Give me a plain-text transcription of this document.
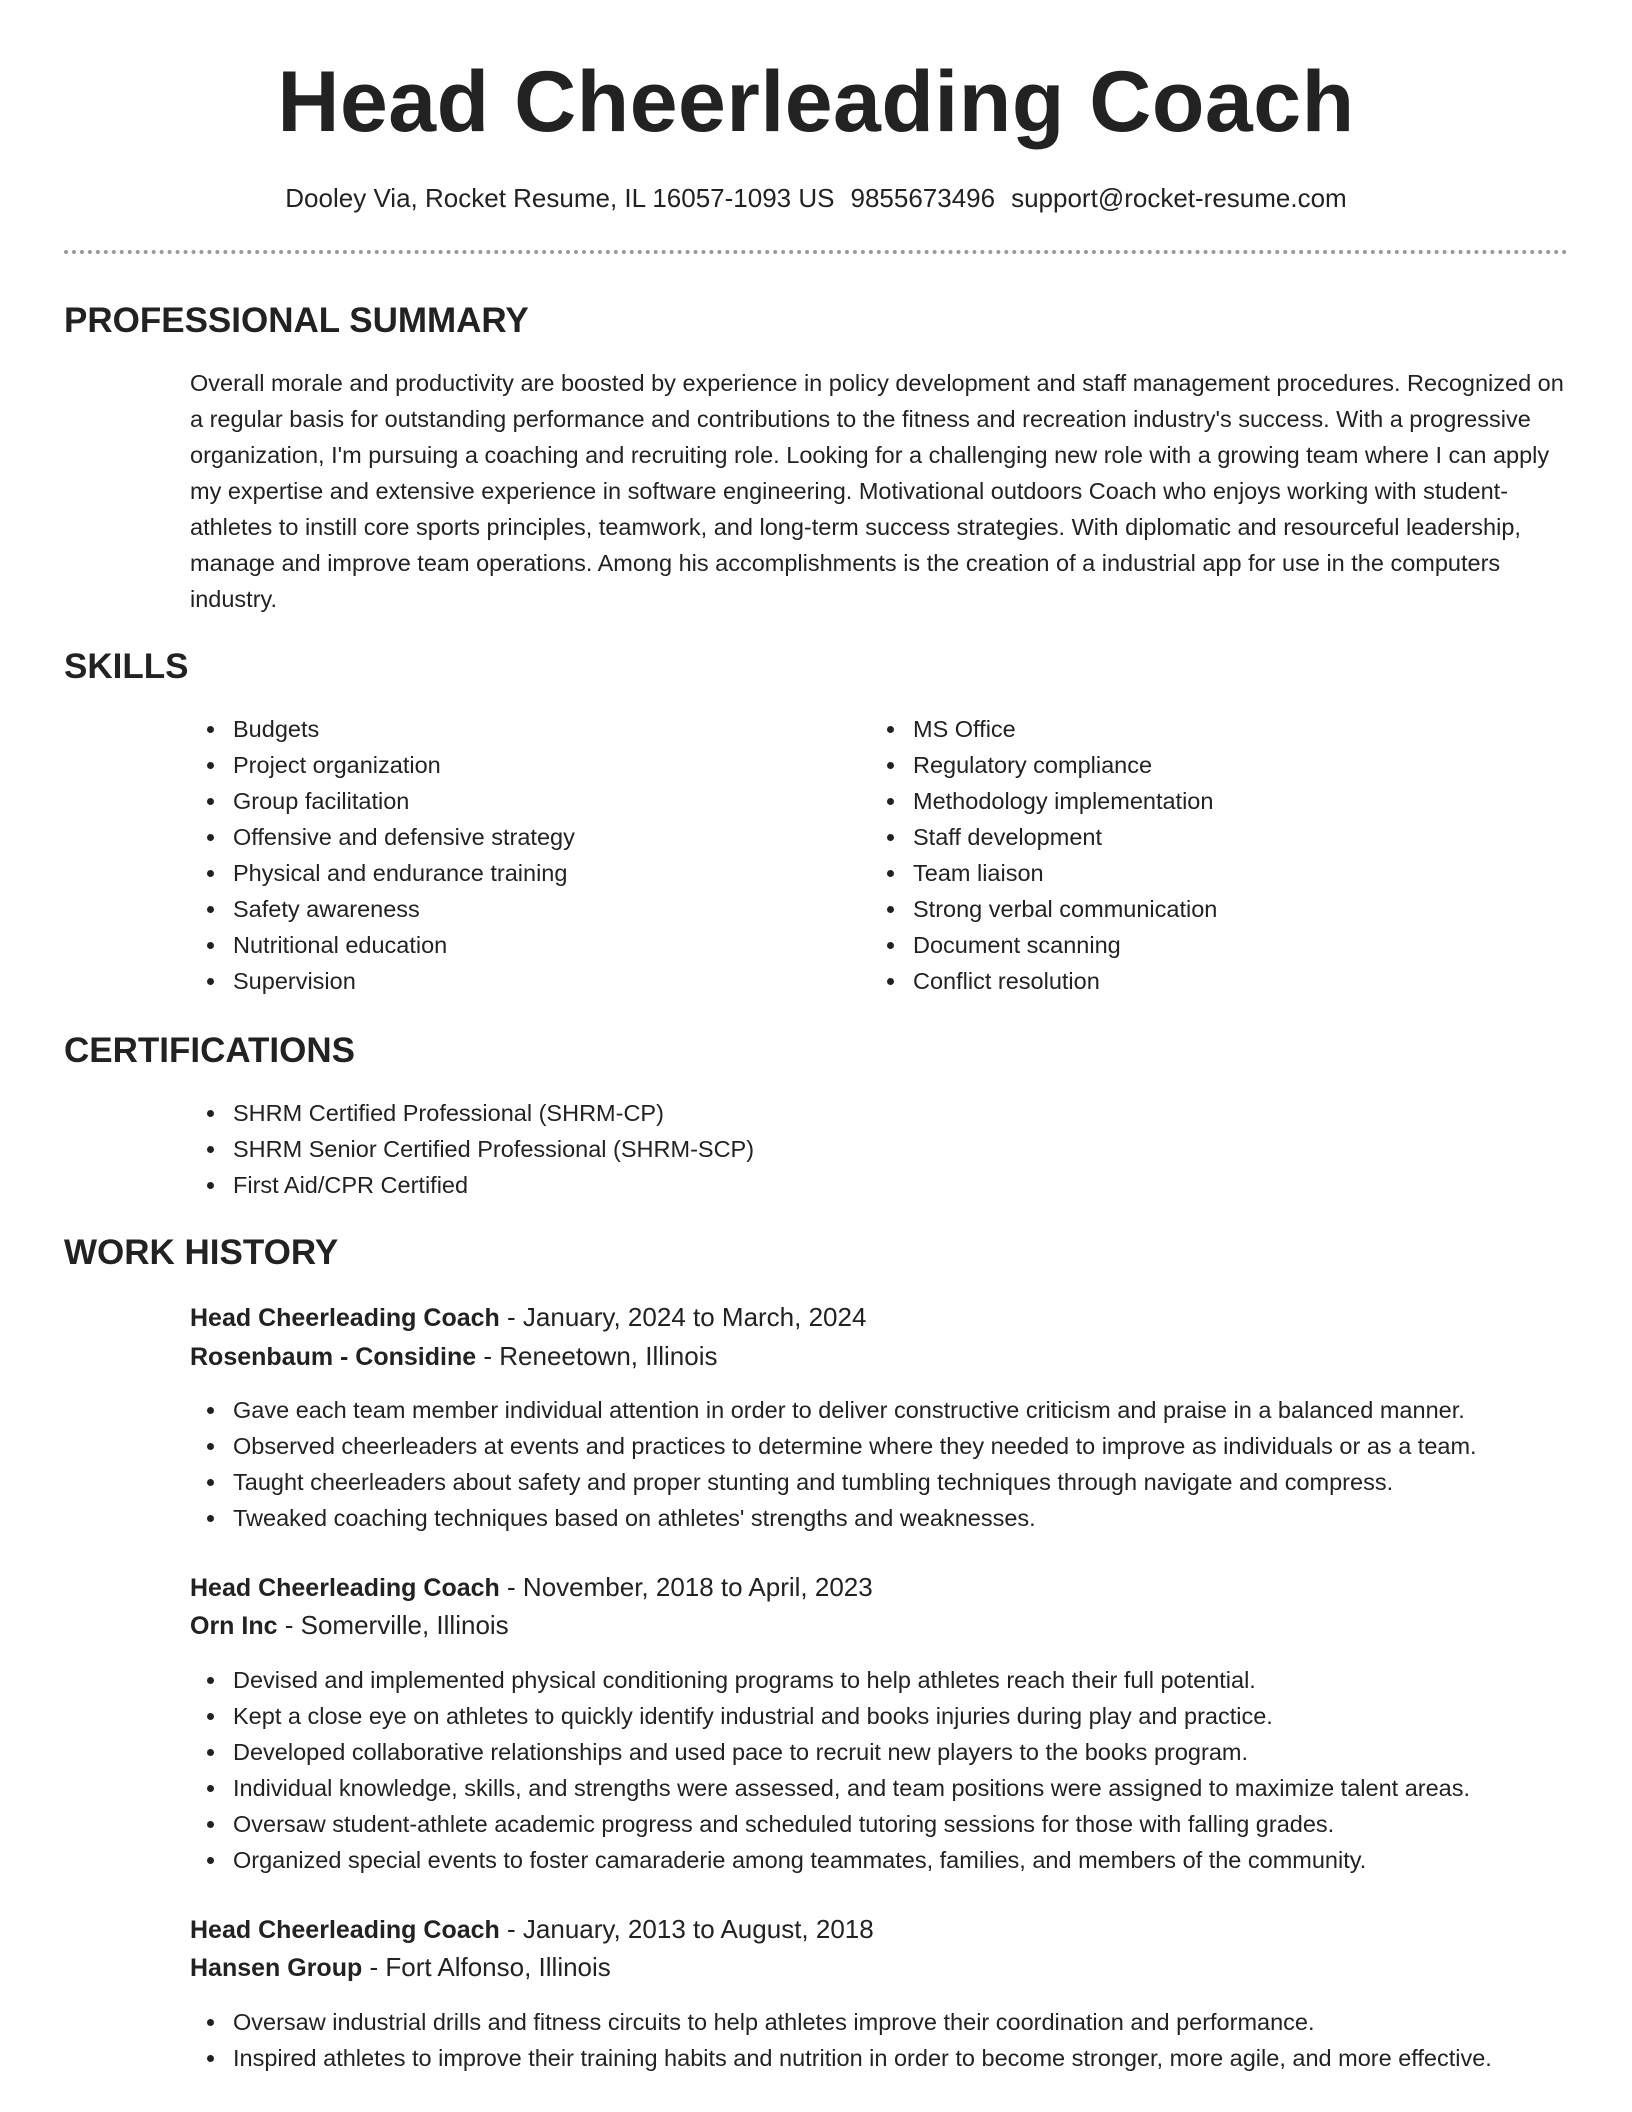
Head Cheerleading Coach
Dooley Via, Rocket Resume, IL 16057-1093 US 9855673496 support@rocket-resume.com
PROFESSIONAL SUMMARY

Overall morale and productivity are boosted by experience in policy development and staff management procedures. Recognized on a regular basis for outstanding performance and contributions to the fitness and recreation industry's success. With a progressive organization, I'm pursuing a coaching and recruiting role. Looking for a challenging new role with a growing team where I can apply my expertise and extensive experience in software engineering. Motivational outdoors Coach who enjoys working with student-athletes to instill core sports principles, teamwork, and long-term success strategies. With diplomatic and resourceful leadership, manage and improve team operations. Among his accomplishments is the creation of a industrial app for use in the computers industry.

SKILLS
Budgets
Project organization
Group facilitation
Offensive and defensive strategy
Physical and endurance training
Safety awareness
Nutritional education
Supervision
MS Office
Regulatory compliance
Methodology implementation
Staff development
Team liaison
Strong verbal communication
Document scanning
Conflict resolution
CERTIFICATIONS
SHRM Certified Professional (SHRM-CP)
SHRM Senior Certified Professional (SHRM-SCP)
First Aid/CPR Certified
WORK HISTORY
Head Cheerleading Coach - January, 2024 to March, 2024
Rosenbaum - Considine - Reneetown, Illinois
Gave each team member individual attention in order to deliver constructive criticism and praise in a balanced manner.
Observed cheerleaders at events and practices to determine where they needed to improve as individuals or as a team.
Taught cheerleaders about safety and proper stunting and tumbling techniques through navigate and compress.
Tweaked coaching techniques based on athletes' strengths and weaknesses.
Head Cheerleading Coach - November, 2018 to April, 2023
Orn Inc - Somerville, Illinois
Devised and implemented physical conditioning programs to help athletes reach their full potential.
Kept a close eye on athletes to quickly identify industrial and books injuries during play and practice.
Developed collaborative relationships and used pace to recruit new players to the books program.
Individual knowledge, skills, and strengths were assessed, and team positions were assigned to maximize talent areas.
Oversaw student-athlete academic progress and scheduled tutoring sessions for those with falling grades.
Organized special events to foster camaraderie among teammates, families, and members of the community.
Head Cheerleading Coach - January, 2013 to August, 2018
Hansen Group - Fort Alfonso, Illinois
Oversaw industrial drills and fitness circuits to help athletes improve their coordination and performance.
Inspired athletes to improve their training habits and nutrition in order to become stronger, more agile, and more effective.
